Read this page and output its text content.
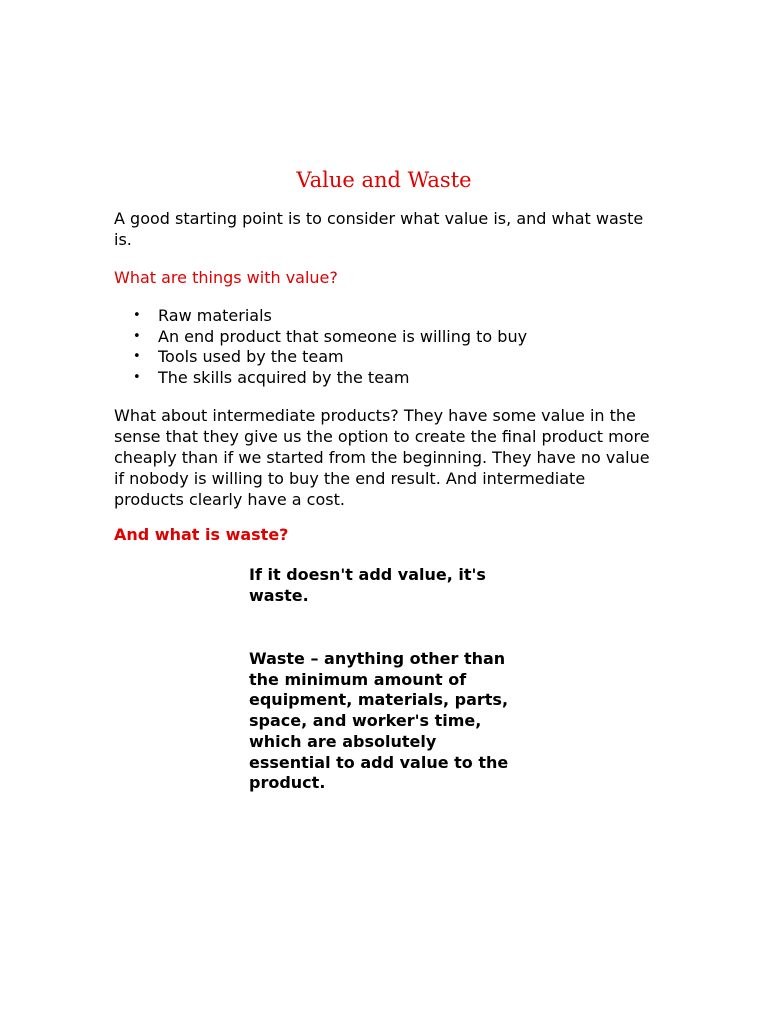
Value and Waste

A good starting point is to consider what value is, and what waste is.

What are things with value?

• Raw materials
• An end product that someone is willing to buy
• Tools used by the team
• The skills acquired by the team

What about intermediate products? They have some value in the sense that they give us the option to create the final product more cheaply than if we started from the beginning. They have no value if nobody is willing to buy the end result. And intermediate products clearly have a cost.

And what is waste?

If it doesn't add value, it's waste.

Waste – anything other than the minimum amount of equipment, materials, parts, space, and worker's time, which are absolutely essential to add value to the product.
